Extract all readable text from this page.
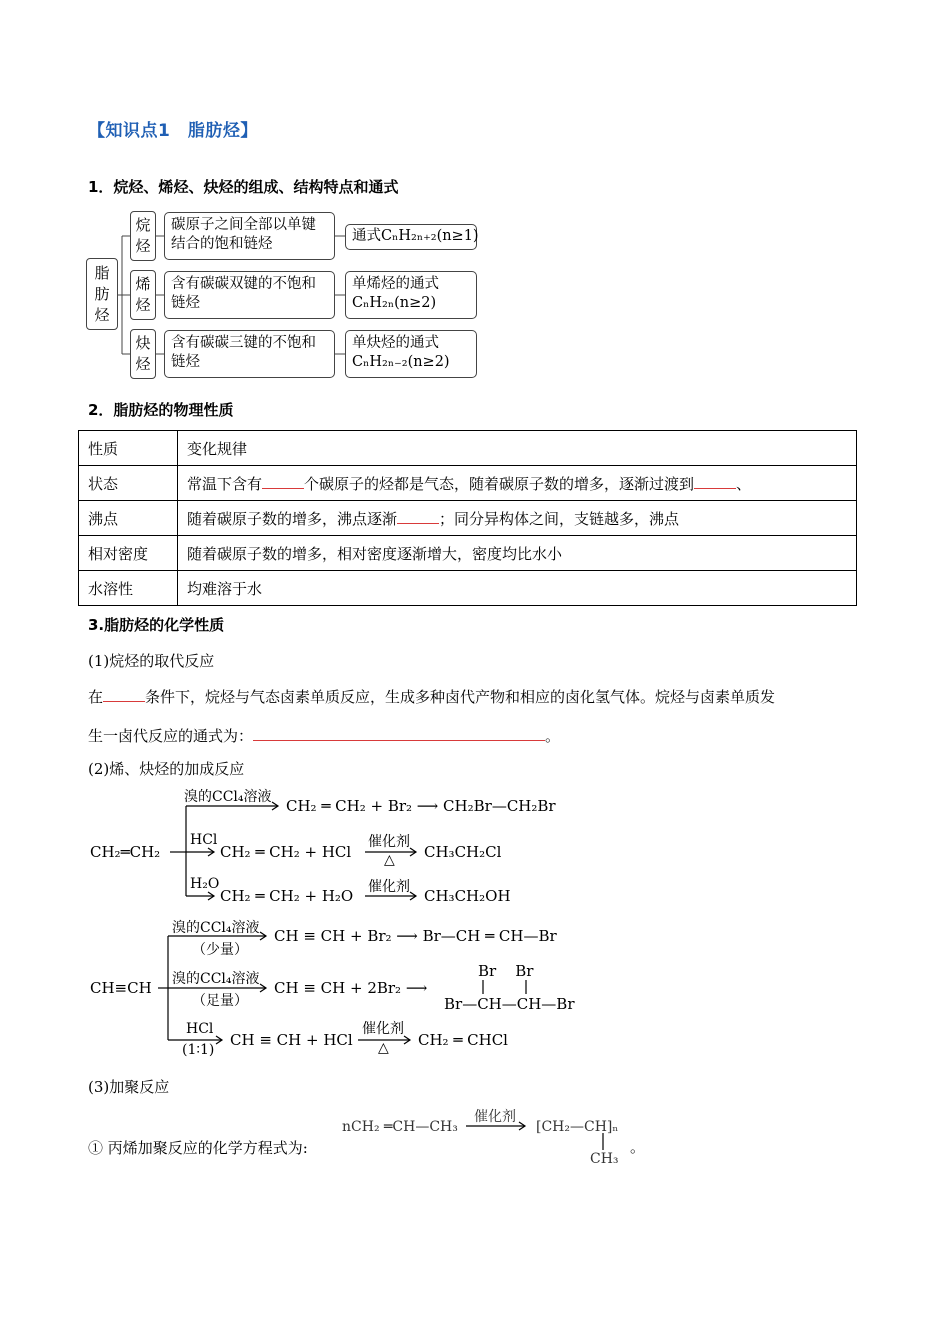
【知识点1　脂肪烃】
1．烷烃、烯烃、炔烃的组成、结构特点和通式
脂
肪
烃
烷
烃
烯
烃
炔
烃
碳原子之间全部以单键
结合的饱和链烃
含有碳碳双键的不饱和
链烃
含有碳碳三键的不饱和
链烃
通式CₙH₂ₙ₊₂(n≥1)
单烯烃的通式
CₙH₂ₙ(n≥2)
单炔烃的通式
CₙH₂ₙ₋₂(n≥2)
2．脂肪烃的物理性质
性质	变化规律
状态	常温下含有 个碳原子的烃都是气态，随着碳原子数的增多，逐渐过渡到 、
沸点	随着碳原子数的增多，沸点逐渐 ；同分异构体之间，支链越多，沸点
相对密度	随着碳原子数的增多，相对密度逐渐增大，密度均比水小
水溶性	均难溶于水
3.脂肪烃的化学性质
(1)烷烃的取代反应
在	条件下，烷烃与气态卤素单质反应，生成多种卤代产物和相应的卤化氢气体。烷烃与卤素单质发
生一卤代反应的通式为：	。
(2)烯、炔烃的加成反应
CH₂═CH₂
溴的CCl₄溶液 CH₂ ═ CH₂ + Br₂ ⟶ CH₂Br—CH₂Br
HCl
CH₂ ═ CH₂ + HCl
催化剂
△ CH₃CH₂Cl
H₂O
CH₂ ═ CH₂ + H₂O 催化剂 CH₃CH₂OH
CH≡CH
溴的CCl₄溶液
（少量）
CH ≡ CH + Br₂ ⟶ Br—CH ═ CH—Br
溴的CCl₄溶液
（足量）
CH ≡ CH + 2Br₂ ⟶
Br    Br
Br—CH—CH—Br
HCl
(1∶1)
CH ≡ CH + HCl
催化剂
△ CH₂ ═ CHCl
(3)加聚反应
① 丙烯加聚反应的化学方程式为:
nCH₂ ═CH—CH₃
催化剂
[CH₂—CH]ₙ
CH₃
。
